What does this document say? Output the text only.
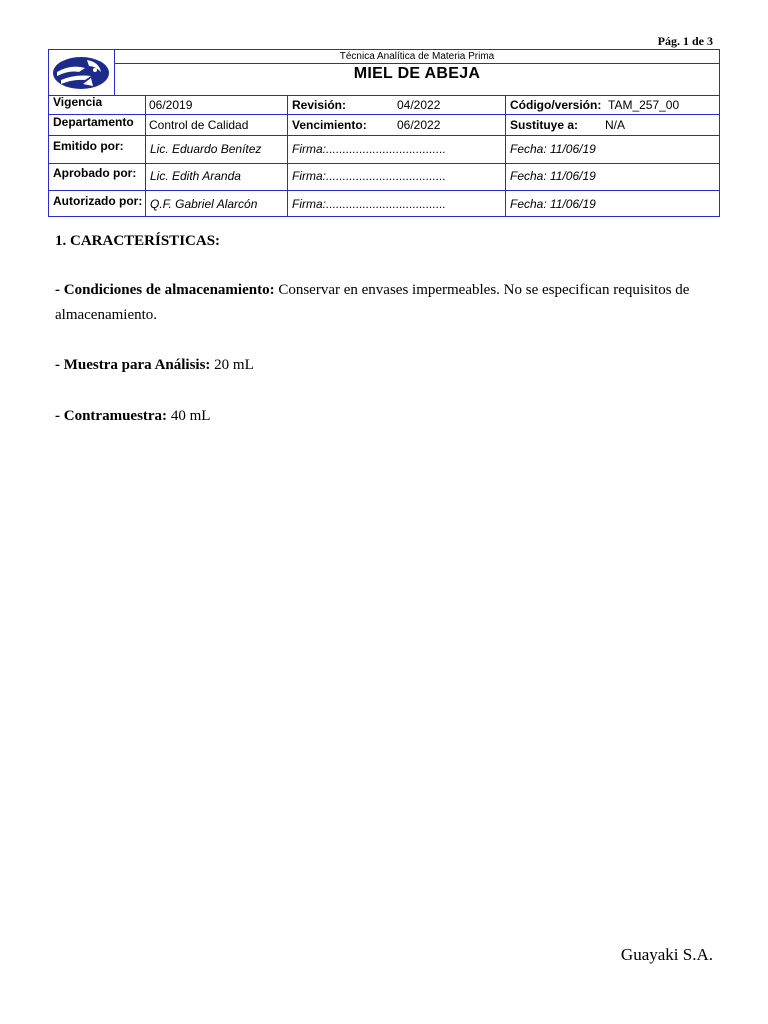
Pág. 1 de 3
Técnica Analítica de Materia Prima
MIEL DE ABEJA
Vigencia	06/2019	Revisión:	04/2022	Código/versión: TAM_257_00
Departamento Control de Calidad	Vencimiento:	06/2022	Sustituye a: N/A
Emitido por: Lic. Eduardo Benítez	Firma:....................................	Fecha: 11/06/19
Aprobado por: Lic. Edith Aranda	Firma:....................................	Fecha: 11/06/19
Autorizado por: Q.F. Gabriel Alarcón	Firma:....................................	Fecha: 11/06/19
1. CARACTERÍSTICAS:
- Condiciones de almacenamiento: Conservar en envases impermeables. No se especifican requisitos de almacenamiento.
- Muestra para Análisis: 20 mL
- Contramuestra: 40 mL
Guayaki S.A.
